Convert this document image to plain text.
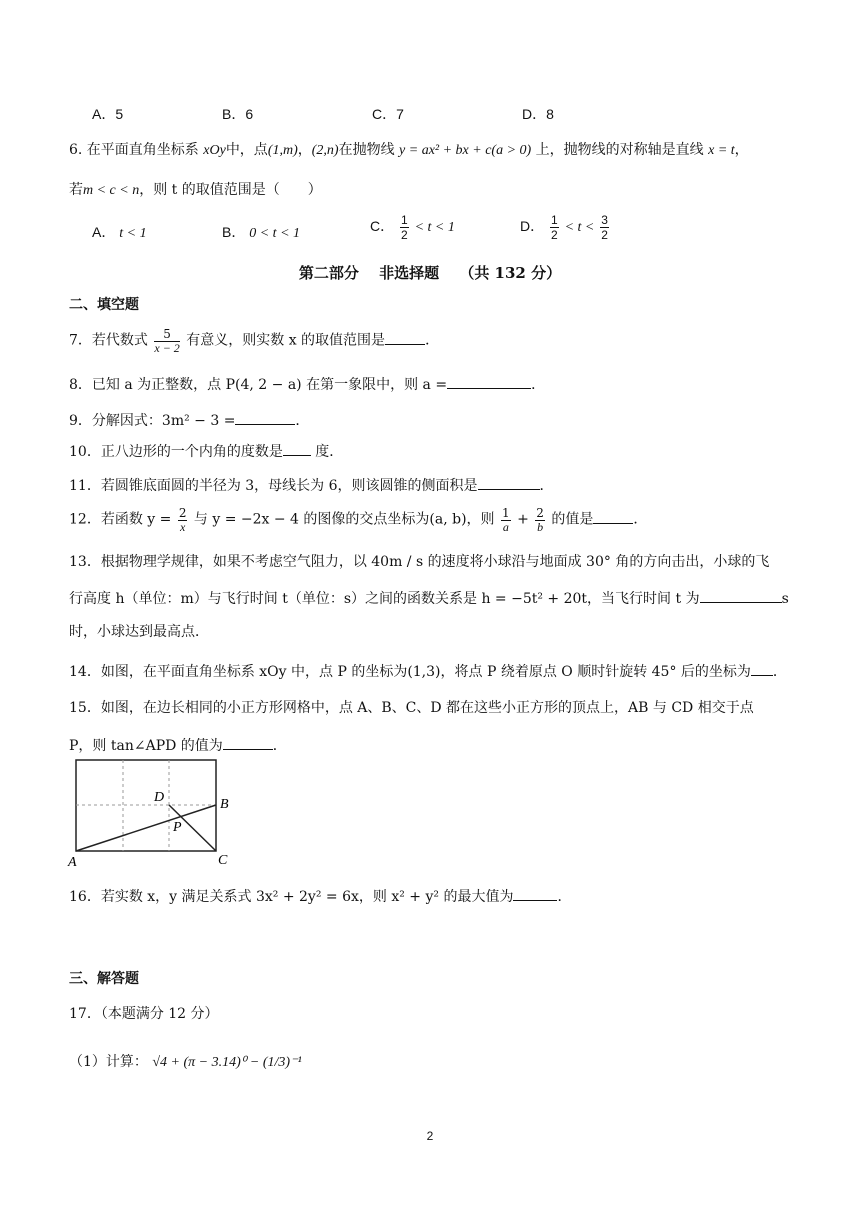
A．5	B．6	C．7	D．8
6. 在平面直角坐标系 xOy中，点(1,m)，(2,n)在抛物线 y = ax² + bx + c(a > 0) 上，抛物线的对称轴是直线 x = t，
若m < c < n，则 t 的取值范围是（　　）
A． t < 1	B． 0 < t < 1	C． $\frac{1}{2} < t < 1$	D． $\frac{1}{2} < t < \frac{3}{2}$
第二部分　 非选择题　 （共 132 分）
二、填空题
7．若代数式 $\frac{5}{x - 2}$ 有意义，则实数 x 的取值范围是	．
8．已知 a 为正整数，点 P(4, 2 − a) 在第一象限中，则 a =	．
9．分解因式：3m² − 3 =	．
10．正八边形的一个内角的度数是 度．
11．若圆锥底面圆的半径为 3，母线长为 6，则该圆锥的侧面积是	．
12．若函数 $y = \frac{2}{x}$ 与 y = −2x − 4 的图像的交点坐标为(a, b)，则 $\frac{1}{a} + \frac{2}{b}$ 的值是	．
13．根据物理学规律，如果不考虑空气阻力，以 40m / s 的速度将小球沿与地面成 30° 角的方向击出，小球的飞
行高度 h（单位：m）与飞行时间 t（单位：s）之间的函数关系是 h = −5t² + 20t，当飞行时间 t 为	s
时，小球达到最高点．
14．如图，在平面直角坐标系 xOy 中，点 P 的坐标为(1,3)，将点 P 绕着原点 O 顺时针旋转 45° 后的坐标为 ．
15．如图，在边长相同的小正方形网格中，点 A、B、C、D 都在这些小正方形的顶点上，AB 与 CD 相交于点
P，则 tan∠APD 的值为	．
A
B
C
D
P
16．若实数 x，y 满足关系式 3x² + 2y² = 6x，则 x² + y² 的最大值为	．
三、解答题
17．（本题满分 12 分）
（1）计算： √4 + (π − 3.14)⁰ − (1/3)⁻¹
2
